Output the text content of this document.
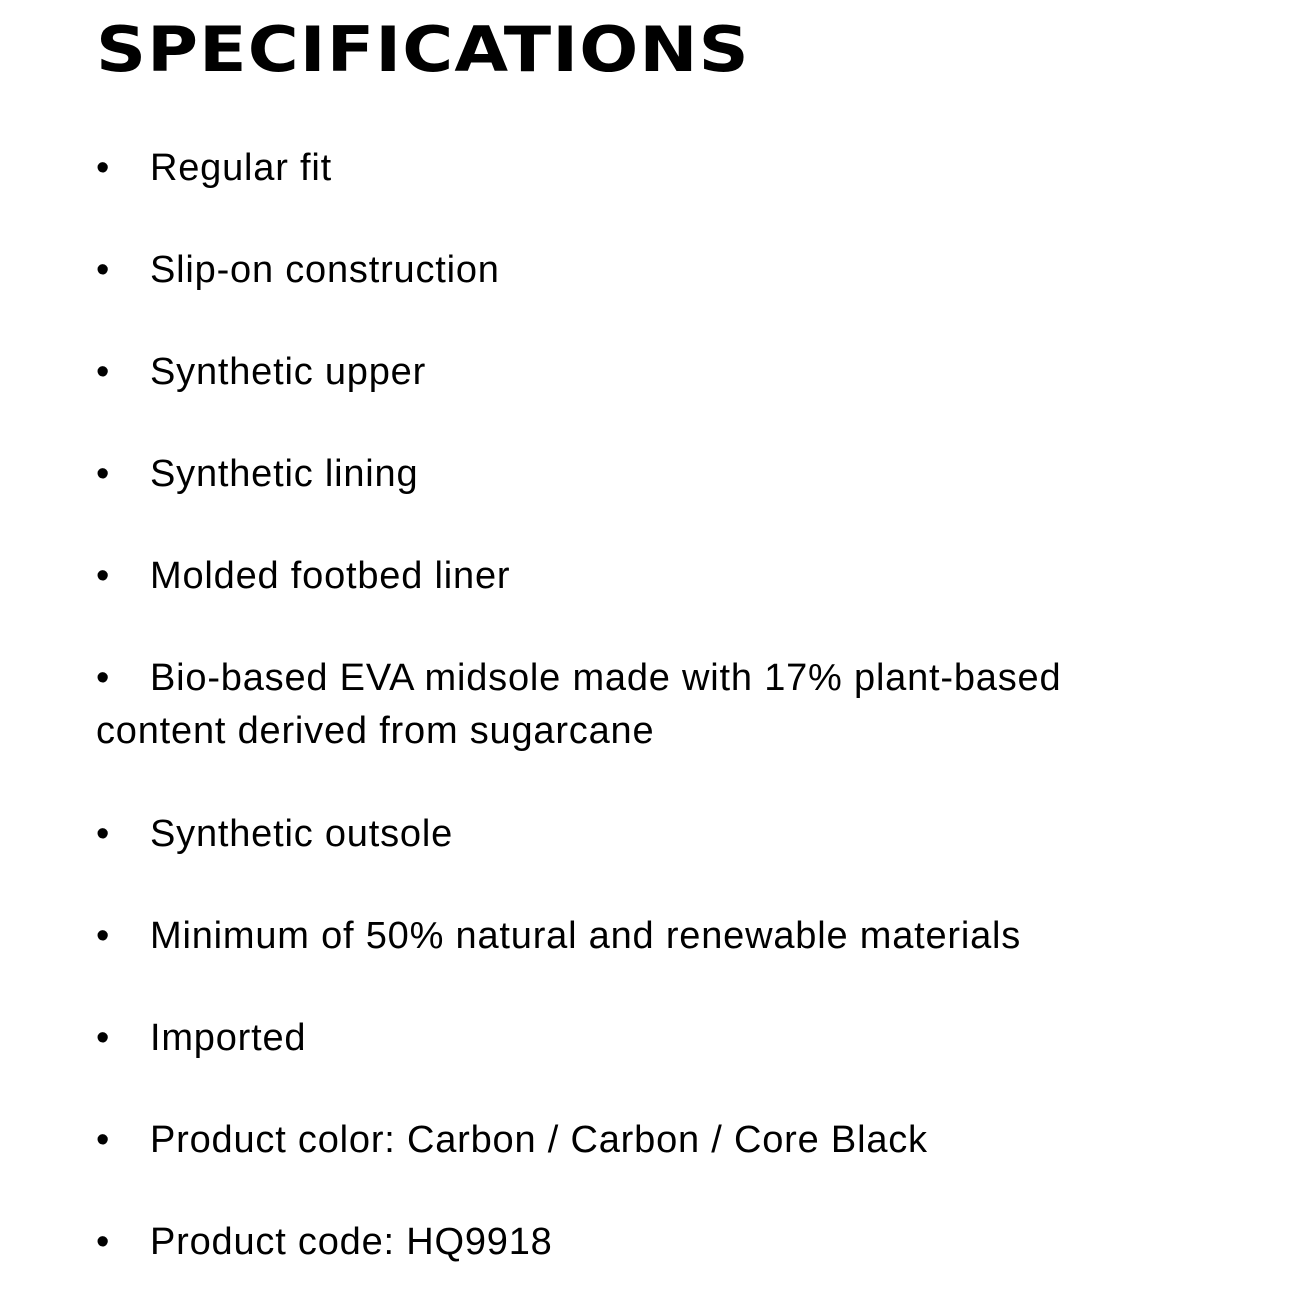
SPECIFICATIONS
• Regular fit
• Slip-on construction
• Synthetic upper
• Synthetic lining
• Molded footbed liner
• Bio-based EVA midsole made with 17% plant-based content derived from sugarcane
• Synthetic outsole
• Minimum of 50% natural and renewable materials
• Imported
• Product color: Carbon / Carbon / Core Black
• Product code: HQ9918
